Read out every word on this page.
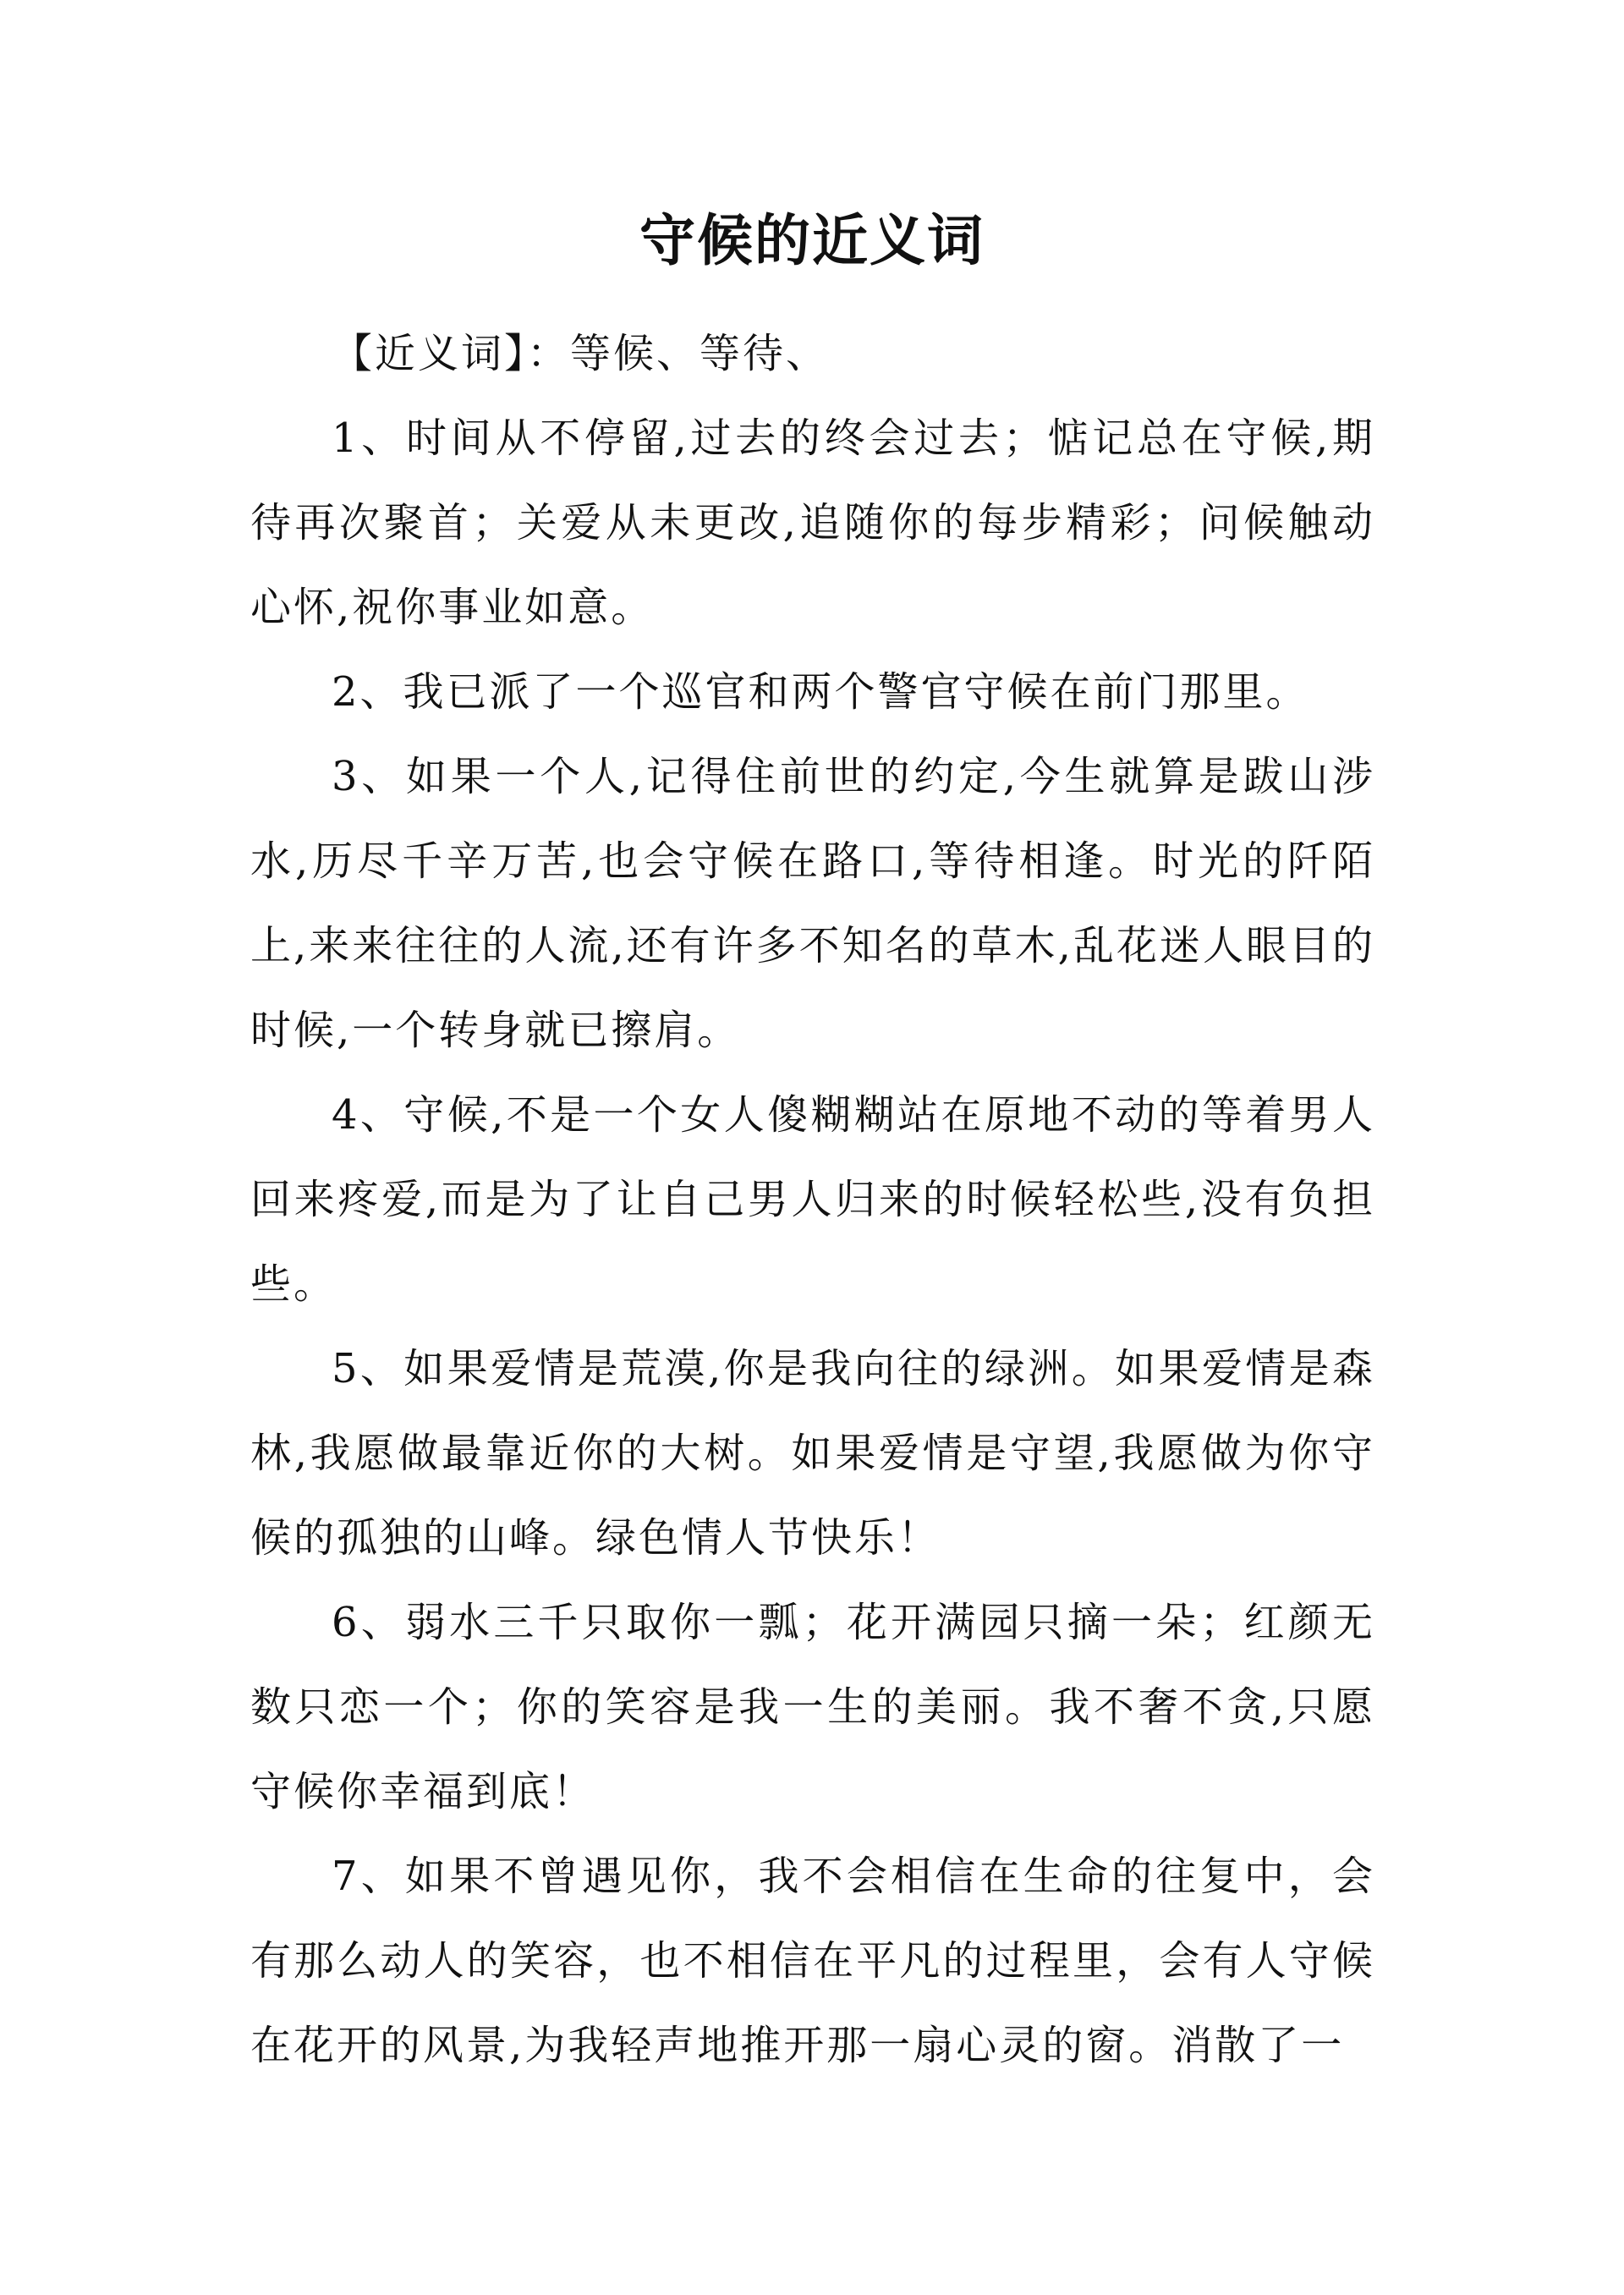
守候的近义词

【近义词】：等候、等待、

1、时间从不停留,过去的终会过去；惦记总在守候,期待再次聚首；关爱从未更改,追随你的每步精彩；问候触动心怀,祝你事业如意。

2、我已派了一个巡官和两个警官守候在前门那里。

3、如果一个人,记得住前世的约定,今生就算是跋山涉水,历尽千辛万苦,也会守候在路口,等待相逢。时光的阡陌上,来来往往的人流,还有许多不知名的草木,乱花迷人眼目的时候,一个转身就已擦肩。

4、守候,不是一个女人傻糊糊站在原地不动的等着男人回来疼爱,而是为了让自己男人归来的时候轻松些,没有负担些。

5、如果爱情是荒漠,你是我向往的绿洲。如果爱情是森林,我愿做最靠近你的大树。如果爱情是守望,我愿做为你守候的孤独的山峰。绿色情人节快乐！

6、弱水三千只取你一瓢；花开满园只摘一朵；红颜无数只恋一个；你的笑容是我一生的美丽。我不奢不贪,只愿守候你幸福到底！

7、如果不曾遇见你，我不会相信在生命的往复中，会有那么动人的笑容，也不相信在平凡的过程里，会有人守候在花开的风景,为我轻声地推开那一扇心灵的窗。消散了一
